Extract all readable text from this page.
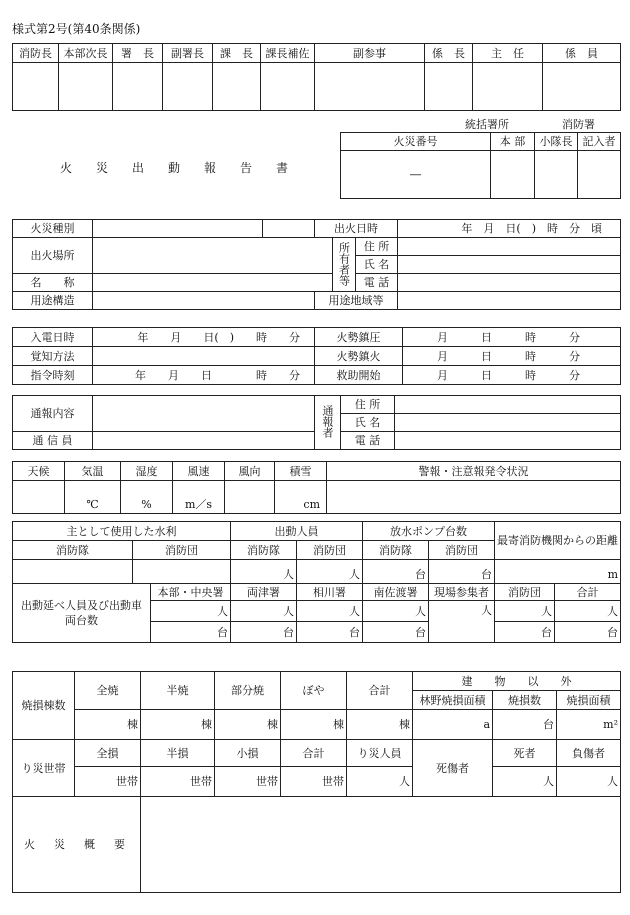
様式第2号(第40条関係)
消防長	本部次長	署　長	副署長	課　長	課長補佐	副参事	係　長	主　任	係　員

統括署所	消防署
火　災　出　動　報　告　書
火災番号	本 部	小隊長	記入者
―			
火災種別			出火日時			年　月　日(　)　時　分　頃
出火場所				所有者等	住 所	
					氏 名	
名　　称					電 話	
用途構造			用途地域等			
入電日時	年　　月　　日(　)　　時　　分	火勢鎮圧	月　　　日　　　時　　　分
覚知方法		火勢鎮火	月　　　日　　　時　　　分
指令時刻	年　　月　　日　　　　時　　分	救助開始	月　　　日　　　時　　　分
通報内容		通報者	住 所	
			氏 名	
通 信 員			電 話	
天候	気温	湿度	風速	風向	積雪	警報・注意報発令状況
	℃	%	m／s		cm	
主として使用した水利			出動人員		放水ポンプ台数		最寄消防機関からの距離	
消防隊	消防団		消防隊	消防団	消防隊	消防団		
			人	人	台	台	m	
出動延べ人員及び出動車両台数		本部・中央署	両津署	相川署	南佐渡署	現場参集者	消防団	合計
		人	人	人	人	人	人	人
		台	台	台	台		台	台
焼損棟数	全焼	半焼	部分焼	ぼや	合計	建　　物　　以　　外		
						林野焼損面積	焼損数	焼損面積
	棟	棟	棟	棟	棟	a	台	m²
り災世帯	全損	半損	小損	合計	り災人員	死傷者	死者	負傷者
	世帯	世帯	世帯	世帯	人		人	人
火　災　概　要								
